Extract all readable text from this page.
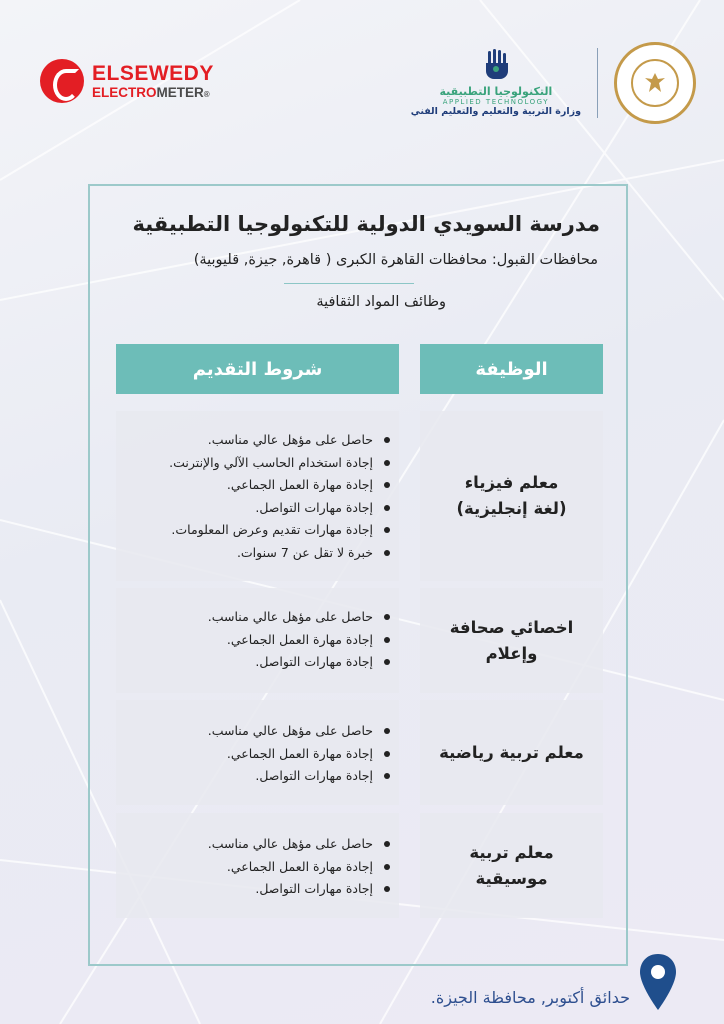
ELSEWEDY
ELECTROMETER®	التكنولوجيا التطبيقية
APPLIED TECHNOLOGY
وزارة التربية والتعليم والتعليم الفني
مدرسة السويدي الدولية للتكنولوجيا التطبيقية
محافظات القبول: محافظات القاهرة الكبرى ( قاهرة, جيزة, قليوبية)
وظائف المواد الثقافية
الوظيفة
شروط التقديم
معلم فيزياء
(لغة إنجليزية)
حاصل على مؤهل عالي مناسب.
إجادة استخدام الحاسب الآلي والإنترنت.
إجادة مهارة العمل الجماعي.
إجادة مهارات التواصل.
إجادة مهارات تقديم وعرض المعلومات.
خبرة لا تقل عن 7 سنوات.
اخصائي صحافة
وإعلام
حاصل على مؤهل عالي مناسب.
إجادة مهارة العمل الجماعي.
إجادة مهارات التواصل.
معلم تربية رياضية
حاصل على مؤهل عالي مناسب.
إجادة مهارة العمل الجماعي.
إجادة مهارات التواصل.
معلم تربية
موسيقية
حاصل على مؤهل عالي مناسب.
إجادة مهارة العمل الجماعي.
إجادة مهارات التواصل.
حدائق أكتوبر, محافظة الجيزة.
